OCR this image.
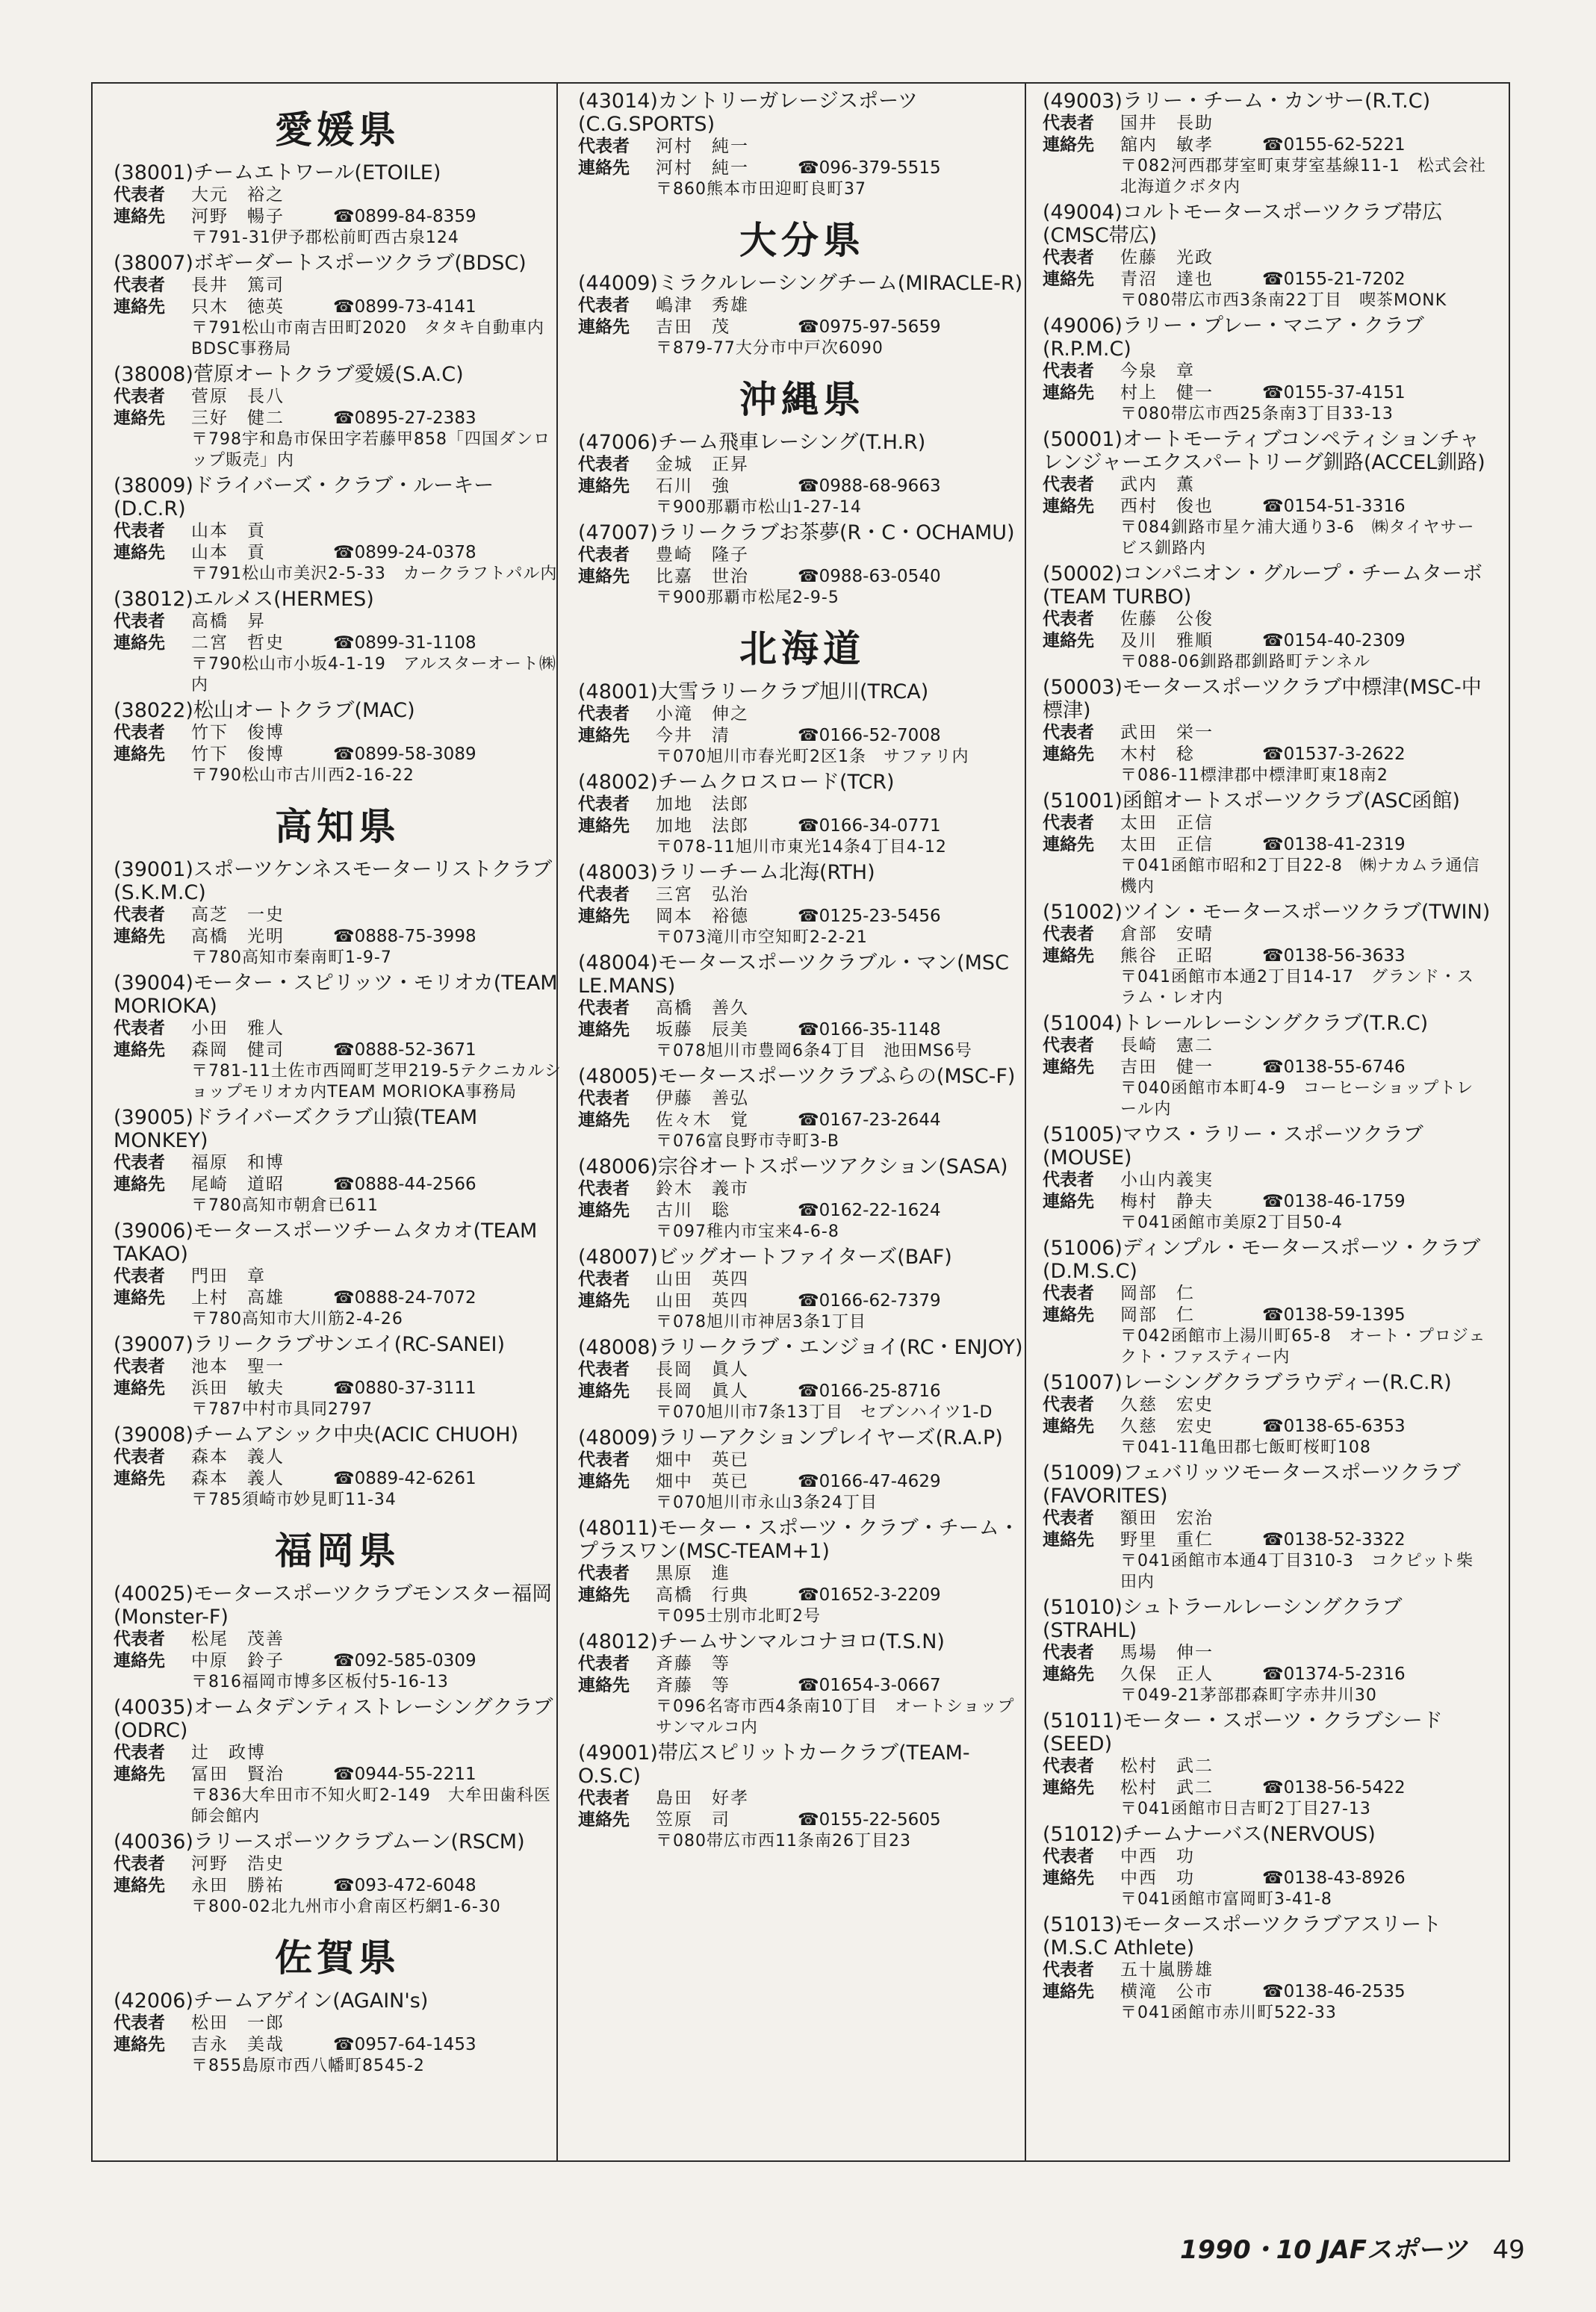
愛媛県
(38001)チームエトワール(ETOILE)
代表者	大元　裕之
連絡先	河野　暢子	☎0899-84-8359
〒791-31伊予郡松前町西古泉124
(38007)ボギーダートスポーツクラブ(BDSC)
代表者	長井　篤司
連絡先	只木　徳英	☎0899-73-4141
〒791松山市南吉田町2020　タタキ自動車内BDSC事務局
(38008)菅原オートクラブ愛媛(S.A.C)
代表者	菅原　長八
連絡先	三好　健二	☎0895-27-2383
〒798宇和島市保田字若藤甲858「四国ダンロップ販売」内
(38009)ドライバーズ・クラブ・ルーキー(D.C.R)
代表者	山本　貢
連絡先	山本　貢	☎0899-24-0378
〒791松山市美沢2-5-33　カークラフトパル内
(38012)エルメス(HERMES)
代表者	高橋　昇
連絡先	二宮　哲史	☎0899-31-1108
〒790松山市小坂4-1-19　アルスターオート㈱内
(38022)松山オートクラブ(MAC)
代表者	竹下　俊博
連絡先	竹下　俊博	☎0899-58-3089
〒790松山市古川西2-16-22
高知県
(39001)スポーツケンネスモーターリストクラブ(S.K.M.C)
代表者	高芝　一史
連絡先	高橋　光明	☎0888-75-3998
〒780高知市秦南町1-9-7
(39004)モーター・スピリッツ・モリオカ(TEAM MORIOKA)
代表者	小田　雅人
連絡先	森岡　健司	☎0888-52-3671
〒781-11土佐市西岡町芝甲219-5テクニカルショップモリオカ内TEAM MORIOKA事務局
(39005)ドライバーズクラブ山猿(TEAM MONKEY)
代表者	福原　和博
連絡先	尾崎　道昭	☎0888-44-2566
〒780高知市朝倉已611
(39006)モータースポーツチームタカオ(TEAM TAKAO)
代表者	門田　章
連絡先	上村　高雄	☎0888-24-7072
〒780高知市大川筋2-4-26
(39007)ラリークラブサンエイ(RC-SANEI)
代表者	池本　聖一
連絡先	浜田　敏夫	☎0880-37-3111
〒787中村市具同2797
(39008)チームアシック中央(ACIC CHUOH)
代表者	森本　義人
連絡先	森本　義人	☎0889-42-6261
〒785須崎市妙見町11-34
福岡県
(40025)モータースポーツクラブモンスター福岡(Monster-F)
代表者	松尾　茂善
連絡先	中原　鈴子	☎092-585-0309
〒816福岡市博多区板付5-16-13
(40035)オームタデンティストレーシングクラブ(ODRC)
代表者	辻　政博
連絡先	冨田　賢治	☎0944-55-2211
〒836大牟田市不知火町2-149　大牟田歯科医師会館内
(40036)ラリースポーツクラブムーン(RSCM)
代表者	河野　浩史
連絡先	永田　勝祐	☎093-472-6048
〒800-02北九州市小倉南区朽網1-6-30
佐賀県
(42006)チームアゲイン(AGAIN's)
代表者	松田　一郎
連絡先	吉永　美哉	☎0957-64-1453
〒855島原市西八幡町8545-2
(43014)カントリーガレージスポーツ(C.G.SPORTS)
代表者	河村　純一
連絡先	河村　純一	☎096-379-5515
〒860熊本市田迎町良町37
大分県
(44009)ミラクルレーシングチーム(MIRACLE-R)
代表者	嶋津　秀雄
連絡先	吉田　茂	☎0975-97-5659
〒879-77大分市中戸次6090
沖縄県
(47006)チーム飛車レーシング(T.H.R)
代表者	金城　正昇
連絡先	石川　強	☎0988-68-9663
〒900那覇市松山1-27-14
(47007)ラリークラブお茶夢(R・C・OCHAMU)
代表者	豊崎　隆子
連絡先	比嘉　世治	☎0988-63-0540
〒900那覇市松尾2-9-5
北海道
(48001)大雪ラリークラブ旭川(TRCA)
代表者	小滝　伸之
連絡先	今井　清	☎0166-52-7008
〒070旭川市春光町2区1条　サファリ内
(48002)チームクロスロード(TCR)
代表者	加地　法郎
連絡先	加地　法郎	☎0166-34-0771
〒078-11旭川市東光14条4丁目4-12
(48003)ラリーチーム北海(RTH)
代表者	三宮　弘治
連絡先	岡本　裕德	☎0125-23-5456
〒073滝川市空知町2-2-21
(48004)モータースポーツクラブル・マン(MSC LE.MANS)
代表者	高橋　善久
連絡先	坂藤　辰美	☎0166-35-1148
〒078旭川市豊岡6条4丁目　池田MS6号
(48005)モータースポーツクラブふらの(MSC-F)
代表者	伊藤　善弘
連絡先	佐々木　覚	☎0167-23-2644
〒076富良野市寺町3-B
(48006)宗谷オートスポーツアクション(SASA)
代表者	鈴木　義市
連絡先	古川　聡	☎0162-22-1624
〒097稚内市宝来4-6-8
(48007)ビッグオートファイターズ(BAF)
代表者	山田　英四
連絡先	山田　英四	☎0166-62-7379
〒078旭川市神居3条1丁目
(48008)ラリークラブ・エンジョイ(RC・ENJOY)
代表者	長岡　眞人
連絡先	長岡　眞人	☎0166-25-8716
〒070旭川市7条13丁目　セブンハイツ1-D
(48009)ラリーアクションプレイヤーズ(R.A.P)
代表者	畑中　英已
連絡先	畑中　英已	☎0166-47-4629
〒070旭川市永山3条24丁目
(48011)モーター・スポーツ・クラブ・チーム・プラスワン(MSC-TEAM+1)
代表者	黒原　進
連絡先	高橋　行典	☎01652-3-2209
〒095士別市北町2号
(48012)チームサンマルコナヨロ(T.S.N)
代表者	斉藤　等
連絡先	斉藤　等	☎01654-3-0667
〒096名寄市西4条南10丁目　オートショップサンマルコ内
(49001)帯広スピリットカークラブ(TEAM-O.S.C)
代表者	島田　好孝
連絡先	笠原　司	☎0155-22-5605
〒080帯広市西11条南26丁目23
(49003)ラリー・チーム・カンサー(R.T.C)
代表者	国井　長助
連絡先	舘内　敏孝	☎0155-62-5221
〒082河西郡芽室町東芽室基線11-1　松式会社北海道クボタ内
(49004)コルトモータースポーツクラブ帯広(CMSC帯広)
代表者	佐藤　光政
連絡先	青沼　達也	☎0155-21-7202
〒080帯広市西3条南22丁目　喫茶MONK
(49006)ラリー・プレー・マニア・クラブ(R.P.M.C)
代表者	今泉　章
連絡先	村上　健一	☎0155-37-4151
〒080帯広市西25条南3丁目33-13
(50001)オートモーティブコンペティションチャレンジャーエクスパートリーグ釧路(ACCEL釧路)
代表者	武内　薫
連絡先	西村　俊也	☎0154-51-3316
〒084釧路市星ケ浦大通り3-6　㈱タイヤサービス釧路内
(50002)コンパニオン・グループ・チームターボ(TEAM TURBO)
代表者	佐藤　公俊
連絡先	及川　雅順	☎0154-40-2309
〒088-06釧路郡釧路町テンネル
(50003)モータースポーツクラブ中標津(MSC-中標津)
代表者	武田　栄一
連絡先	木村　稔	☎01537-3-2622
〒086-11標津郡中標津町東18南2
(51001)函館オートスポーツクラブ(ASC函館)
代表者	太田　正信
連絡先	太田　正信	☎0138-41-2319
〒041函館市昭和2丁目22-8　㈱ナカムラ通信機内
(51002)ツイン・モータースポーツクラブ(TWIN)
代表者	倉部　安晴
連絡先	熊谷　正昭	☎0138-56-3633
〒041函館市本通2丁目14-17　グランド・スラム・レオ内
(51004)トレールレーシングクラブ(T.R.C)
代表者	長崎　憲二
連絡先	吉田　健一	☎0138-55-6746
〒040函館市本町4-9　コーヒーショップトレール内
(51005)マウス・ラリー・スポーツクラブ(MOUSE)
代表者	小山内義実
連絡先	梅村　静夫	☎0138-46-1759
〒041函館市美原2丁目50-4
(51006)ディンプル・モータースポーツ・クラブ(D.M.S.C)
代表者	岡部　仁
連絡先	岡部　仁	☎0138-59-1395
〒042函館市上湯川町65-8　オート・プロジェクト・ファスティー内
(51007)レーシングクラブラウディー(R.C.R)
代表者	久慈　宏史
連絡先	久慈　宏史	☎0138-65-6353
〒041-11亀田郡七飯町桜町108
(51009)フェバリッツモータースポーツクラブ(FAVORITES)
代表者	額田　宏治
連絡先	野里　重仁	☎0138-52-3322
〒041函館市本通4丁目310-3　コクピット柴田内
(51010)シュトラールレーシングクラブ(STRAHL)
代表者	馬場　伸一
連絡先	久保　正人	☎01374-5-2316
〒049-21茅部郡森町字赤井川30
(51011)モーター・スポーツ・クラブシード(SEED)
代表者	松村　武二
連絡先	松村　武二	☎0138-56-5422
〒041函館市日吉町2丁目27-13
(51012)チームナーバス(NERVOUS)
代表者	中西　功
連絡先	中西　功	☎0138-43-8926
〒041函館市富岡町3-41-8
(51013)モータースポーツクラブアスリート(M.S.C Athlete)
代表者	五十嵐勝雄
連絡先	横滝　公市	☎0138-46-2535
〒041函館市赤川町522-33
1990・10 JAFスポーツ 49
